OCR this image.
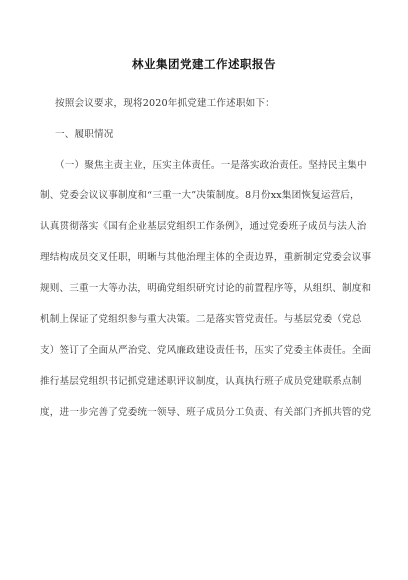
林业集团党建工作述职报告
按照会议要求，现将2020年抓党建工作述职如下：
一、履职情况
（一）聚焦主责主业，压实主体责任。一是落实政治责任。坚持民主集中
制、党委会议议事制度和“三重一大”决策制度。8月份xx集团恢复运营后，
认真贯彻落实《国有企业基层党组织工作条例》，通过党委班子成员与法人治
理结构成员交叉任职，明晰与其他治理主体的全责边界，重新制定党委会议事
规则、三重一大等办法，明确党组织研究讨论的前置程序等，从组织、制度和
机制上保证了党组织参与重大决策。二是落实管党责任。与基层党委（党总
支）签订了全面从严治党、党风廉政建设责任书，压实了党委主体责任。全面
推行基层党组织书记抓党建述职评议制度，认真执行班子成员党建联系点制
度，进一步完善了党委统一领导、班子成员分工负责、有关部门齐抓共管的党
